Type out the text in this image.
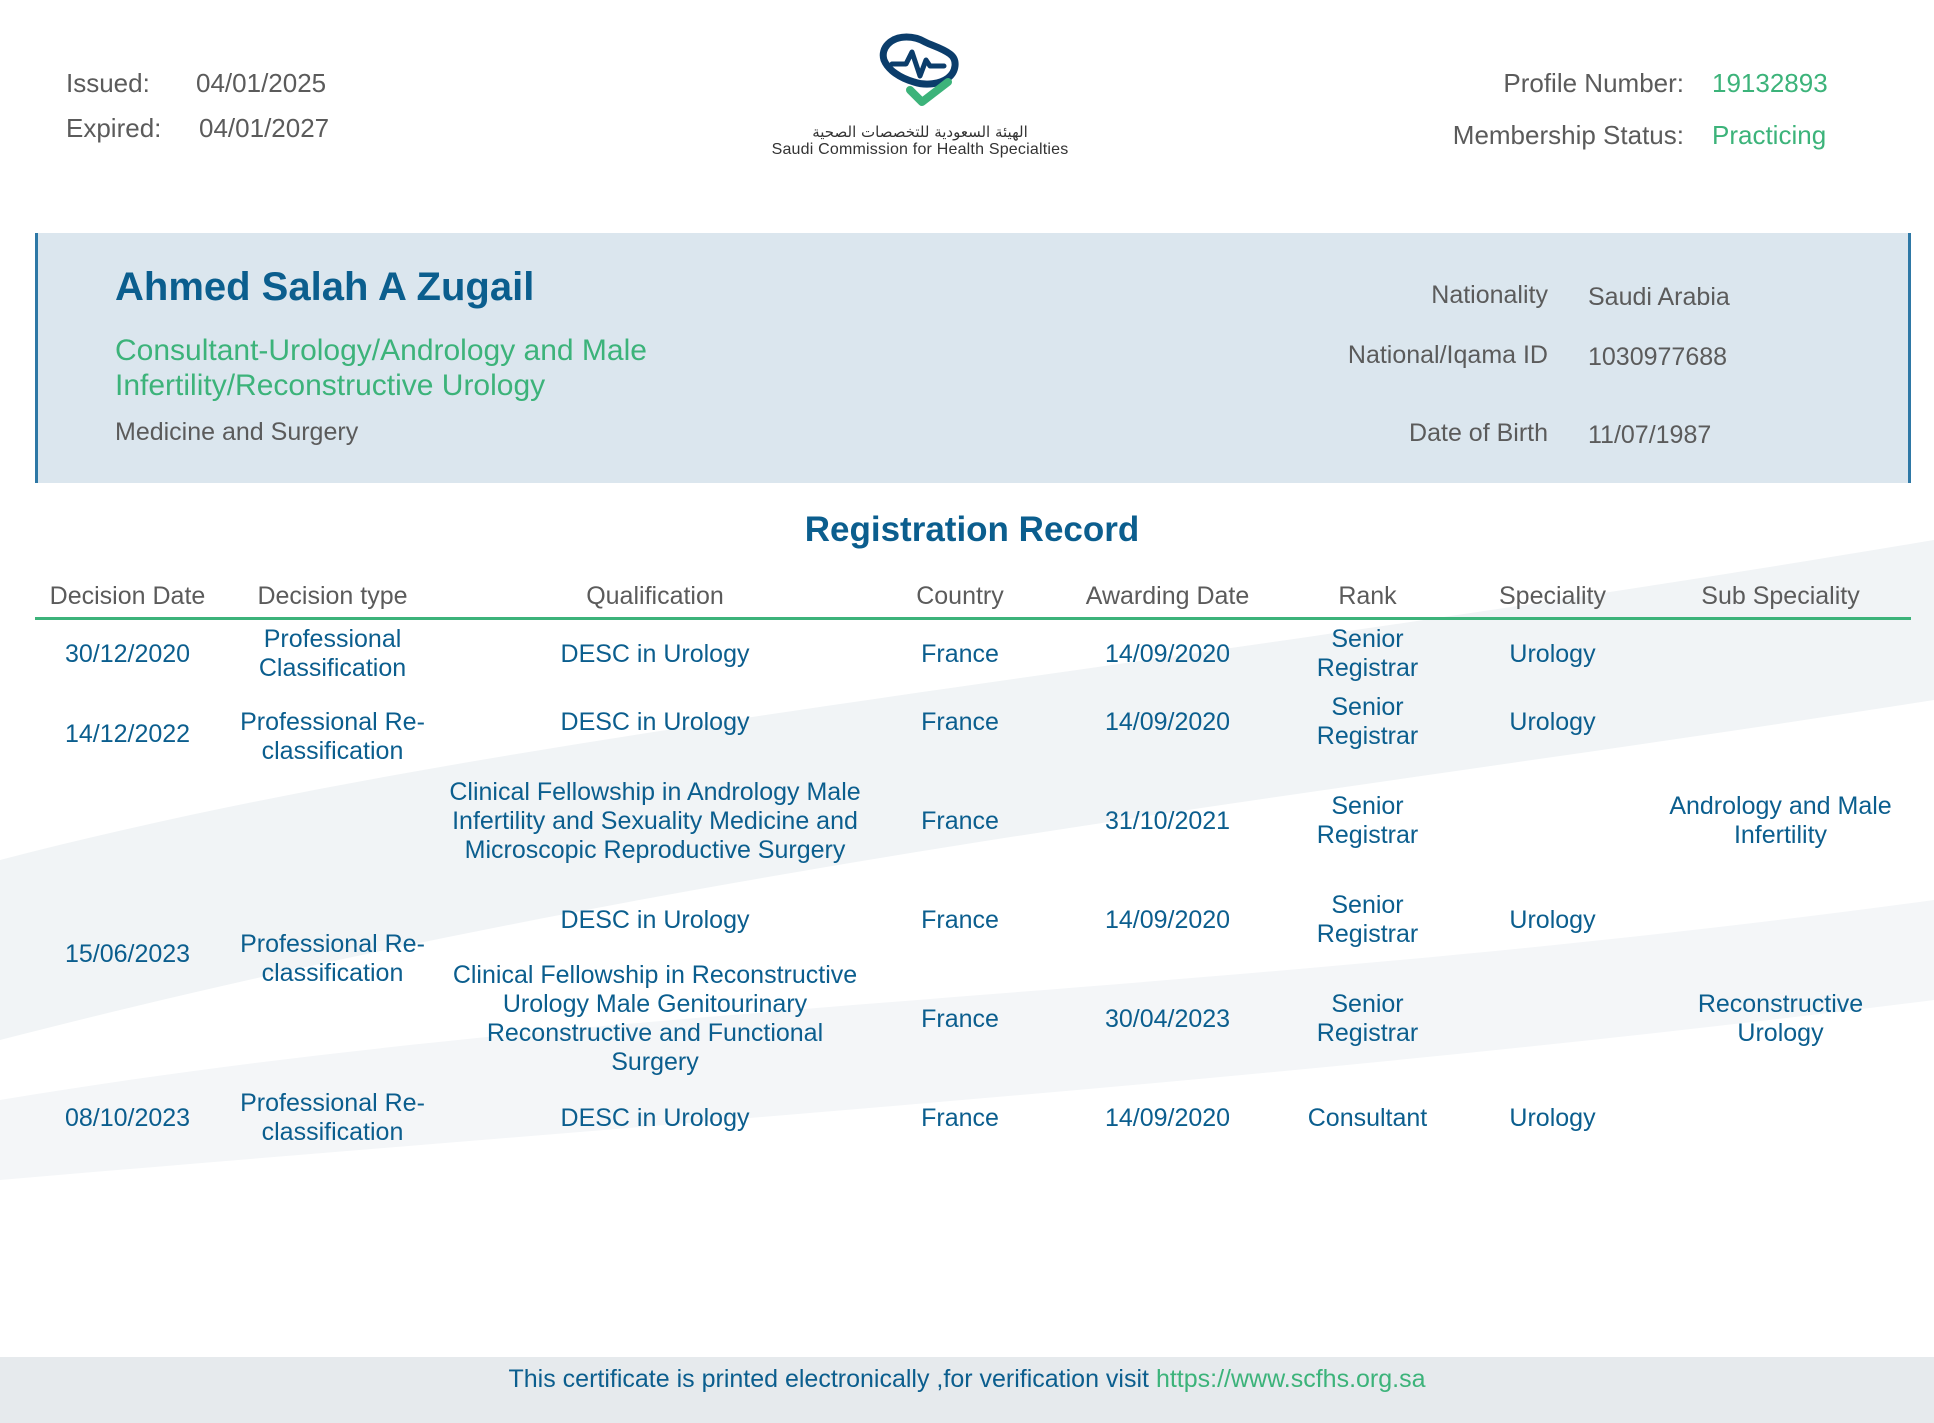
Issued:	04/01/2025
Expired:	04/01/2027	الهيئة السعودية للتخصصات الصحية
Saudi Commission for Health Specialties
Profile Number: 19132893
Membership Status: Practicing
Ahmed Salah A Zugail
Consultant-Urology/Andrology and Male Infertility/Reconstructive Urology
Medicine and Surgery
Nationality Saudi Arabia
National/Iqama ID 1030977688
Date of Birth 11/07/1987
Registration Record
Decision Date	Decision type	Qualification	Country	Awarding Date	Rank	Speciality	Sub Speciality
30/12/2020	Professional Classification	DESC in Urology	France	14/09/2020	Senior Registrar	Urology	
14/12/2022	Professional Re-classification	DESC in Urology	France	14/09/2020	Senior Registrar	Urology	
		Clinical Fellowship in Andrology Male Infertility and Sexuality Medicine and Microscopic Reproductive Surgery	France	31/10/2021	Senior Registrar		Andrology and Male Infertility
15/06/2023	Professional Re-classification	DESC in Urology	France	14/09/2020	Senior Registrar	Urology	
		Clinical Fellowship in Reconstructive Urology Male Genitourinary Reconstructive and Functional Surgery	France	30/04/2023	Senior Registrar		Reconstructive Urology
08/10/2023	Professional Re-classification	DESC in Urology	France	14/09/2020	Consultant	Urology	
This certificate is printed electronically ,for verification visit https://www.scfhs.org.sa
